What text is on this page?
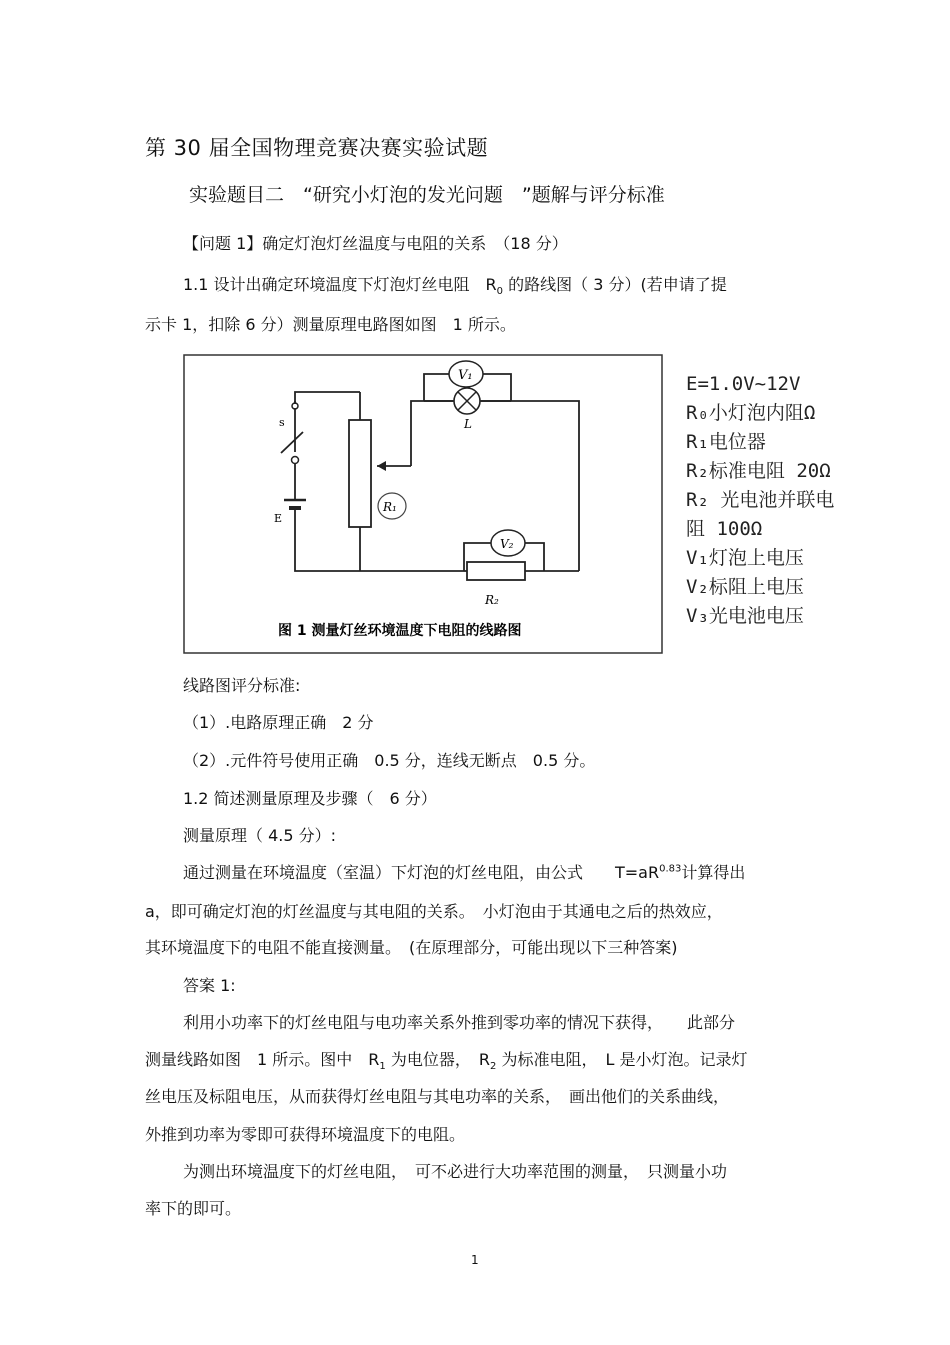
第 30 届全国物理竞赛决赛实验试题
实验题目二　“研究小灯泡的发光问题　”题解与评分标准
【问题 1】确定灯泡灯丝温度与电阻的关系　（18 分）
1.1 设计出确定环境温度下灯泡灯丝电阻　$R_0$ 的路线图（ 3 分）(若申请了提
示卡 1，扣除 6 分）测量原理电路图如图　1 所示。
V₁
L
s
E
R₁
V₂
R₂
图 1 测量灯丝环境温度下电阻的线路图
E=1.0V~12V
R₀小灯泡内阻Ω
R₁电位器
R₂标准电阻 20Ω
R₂ 光电池并联电
阻 100Ω
V₁灯泡上电压
V₂标阻上电压
V₃光电池电压
线路图评分标准:
（1）.电路原理正确　2 分
（2）.元件符号使用正确　0.5 分，连线无断点　0.5 分。
1.2 简述测量原理及步骤（　6 分）
测量原理（ 4.5 分）:
通过测量在环境温度（室温）下灯泡的灯丝电阻，由公式　　$T=aR^{0.83}$计算得出
a，即可确定灯泡的灯丝温度与其电阻的关系。　小灯泡由于其通电之后的热效应，
其环境温度下的电阻不能直接测量。　(在原理部分，可能出现以下三种答案)
答案 1:
利用小功率下的灯丝电阻与电功率关系外推到零功率的情况下获得，　　此部分
测量线路如图　1 所示。图中　$R_1$ 为电位器，　$R_2$ 为标准电阻，　L 是小灯泡。记录灯
丝电压及标阻电压，从而获得灯丝电阻与其电功率的关系，　画出他们的关系曲线，
外推到功率为零即可获得环境温度下的电阻。
为测出环境温度下的灯丝电阻，　可不必进行大功率范围的测量，　只测量小功
率下的即可。
1
